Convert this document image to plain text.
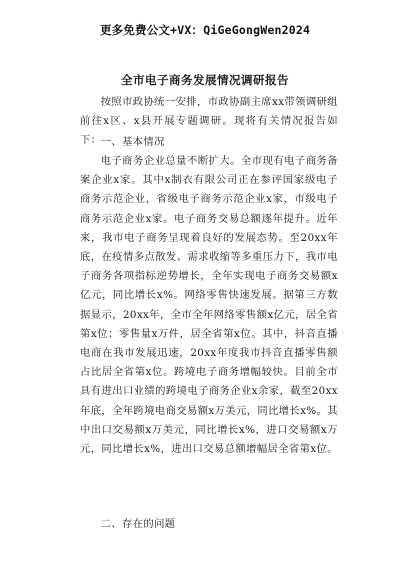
更多免费公文+VX：QiGeGongWen2024
全市电子商务发展情况调研报告

按照市政协统一安排，市政协副主席xx带领调研组前往x区、x县开展专题调研。现将有关情况报告如下： 一、基本情况

电子商务企业总量不断扩大。全市现有电子商务备案企业x家。其中x制衣有限公司正在参评国家级电子商务示范企业，省级电子商务示范企业x家，市级电子商务示范企业x家。电子商务交易总额逐年提升。近年来，我市电子商务呈现着良好的发展态势。至20xx年底，在疫情多点散发、需求收缩等多重压力下，我市电子商务各项指标逆势增长，全年实现电子商务交易额x亿元，同比增长x%。网络零售快速发展。据第三方数据显示，20xx年，全市全年网络零售额x亿元，居全省第x位；零售量x万件，居全省第x位。其中，抖音直播电商在我市发展迅速，20xx年度我市抖音直播零售额占比居全省第x位。跨境电子商务增幅较快。目前全市具有进出口业绩的跨境电子商务企业x余家，截至20xx年底，全年跨境电商交易额x万美元，同比增长x%。其中出口交易额x万美元，同比增长x%，进口交易额x万元，同比增长x%，进出口交易总额增幅居全省第x位。

二、存在的问题
